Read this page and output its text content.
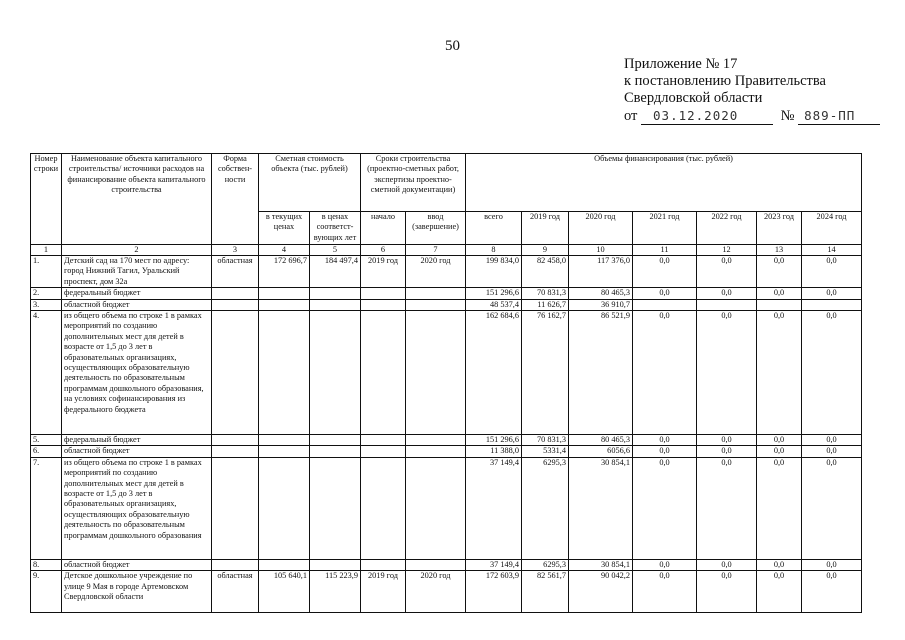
50
Приложение № 17
к постановлению Правительства
Свердловской области
от 03.12.2020	№ 889-ПП
Номер строки	Наименование объекта капитального строительства/ источники расходов на финансирование объекта капитального строительства	Форма собствен-ности	Сметная стоимость объекта (тыс. рублей)		Сроки строительства (проектно-сметных работ, экспертизы проектно-сметной документации)		Объемы финансирования (тыс. рублей)						
			в текущих ценах	в ценах соответст-вующих лет	начало	ввод (завершение)	всего	2019 год	2020 год	2021 год	2022 год	2023 год	2024 год
1	2	3	4	5	6	7	8	9	10	11	12	13	14
1.	Детский сад на 170 мест по адресу: город Нижний Тагил, Уральский проспект, дом 32а	областная	172 696,7	184 497,4	2019 год	2020 год	199 834,0	82 458,0	117 376,0	0,0	0,0	0,0	0,0
2.	федеральный бюджет						151 296,6	70 831,3	80 465,3	0,0	0,0	0,0	0,0
3.	областной бюджет						48 537,4	11 626,7	36 910,7				
4.	из общего объема по строке 1 в рамках мероприятий по созданию дополнительных мест для детей в возрасте от 1,5 до 3 лет в образовательных организациях, осуществляющих образовательную деятельность по образовательным программам дошкольного образования, на условиях софинансирования из федерального бюджета						162 684,6	76 162,7	86 521,9	0,0	0,0	0,0	0,0
5.	федеральный бюджет						151 296,6	70 831,3	80 465,3	0,0	0,0	0,0	0,0
6.	областной бюджет						11 388,0	5331,4	6056,6	0,0	0,0	0,0	0,0
7.	из общего объема по строке 1 в рамках мероприятий по созданию дополнительных мест для детей в возрасте от 1,5 до 3 лет в образовательных организациях, осуществляющих образовательную деятельность по образовательным программам дошкольного образования						37 149,4	6295,3	30 854,1	0,0	0,0	0,0	0,0
8.	областной бюджет						37 149,4	6295,3	30 854,1	0,0	0,0	0,0	0,0
9.	Детское дошкольное учреждение по улице 9 Мая в городе Артемовском Свердловской области	областная	105 640,1	115 223,9	2019 год	2020 год	172 603,9	82 561,7	90 042,2	0,0	0,0	0,0	0,0
